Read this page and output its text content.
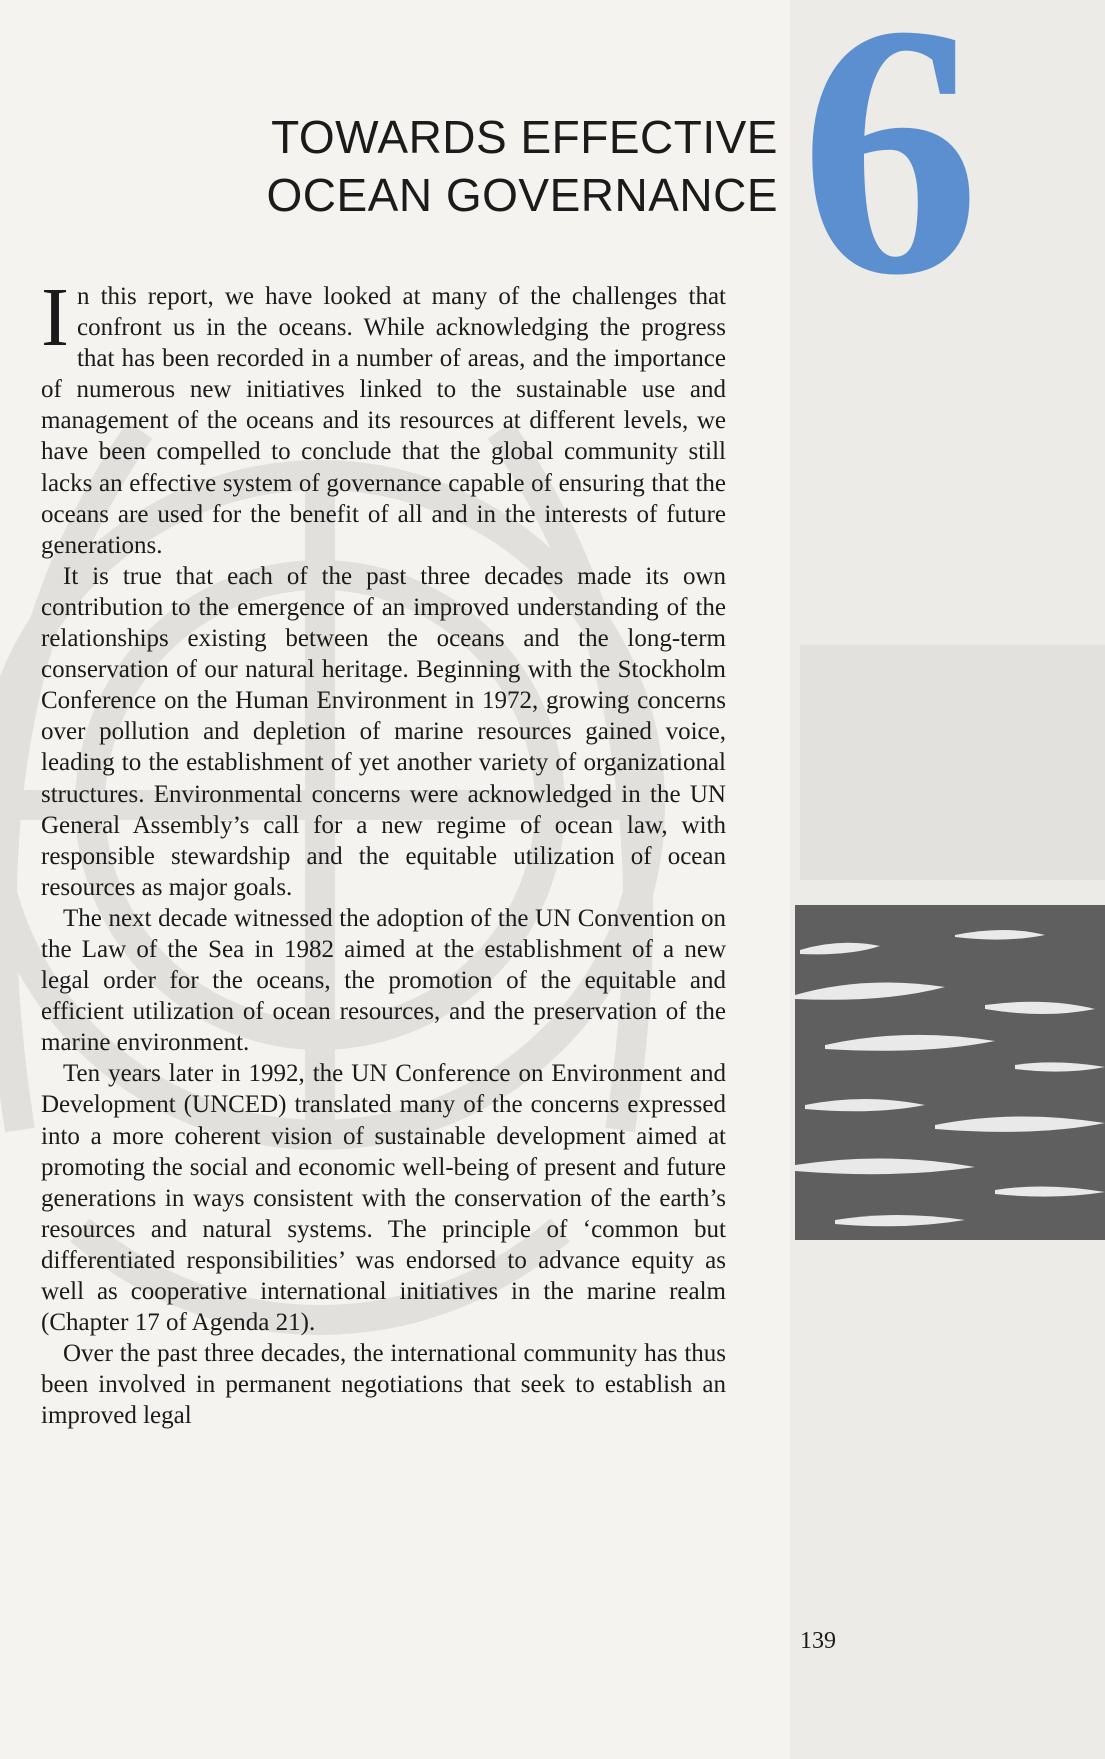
6
TOWARDS EFFECTIVE
OCEAN GOVERNANCE

In this report, we have looked at many of the challenges that confront us in the oceans. While acknowledging the progress that has been recorded in a number of areas, and the importance of numerous new initiatives linked to the sustainable use and management of the oceans and its resources at different levels, we have been compelled to conclude that the global community still lacks an effective system of governance capable of ensuring that the oceans are used for the benefit of all and in the interests of future generations.

It is true that each of the past three decades made its own contribution to the emergence of an improved understanding of the relationships existing between the oceans and the long-term conservation of our natural heritage. Beginning with the Stockholm Conference on the Human Environment in 1972, growing concerns over pollution and depletion of marine resources gained voice, leading to the establishment of yet another variety of organizational structures. Environmental concerns were acknowledged in the UN General Assembly’s call for a new regime of ocean law, with responsible stewardship and the equitable utilization of ocean resources as major goals.

The next decade witnessed the adoption of the UN Convention on the Law of the Sea in 1982 aimed at the establishment of a new legal order for the oceans, the promotion of the equitable and efficient utilization of ocean resources, and the preservation of the marine environment.

Ten years later in 1992, the UN Conference on Environment and Development (UNCED) translated many of the concerns expressed into a more coherent vision of sustainable development aimed at promoting the social and economic well-being of present and future generations in ways consistent with the conservation of the earth’s resources and natural systems. The principle of ‘common but differentiated responsibilities’ was endorsed to advance equity as well as cooperative international initiatives in the marine realm (Chapter 17 of Agenda 21).

Over the past three decades, the international community has thus been involved in permanent negotiations that seek to establish an improved legal

139
